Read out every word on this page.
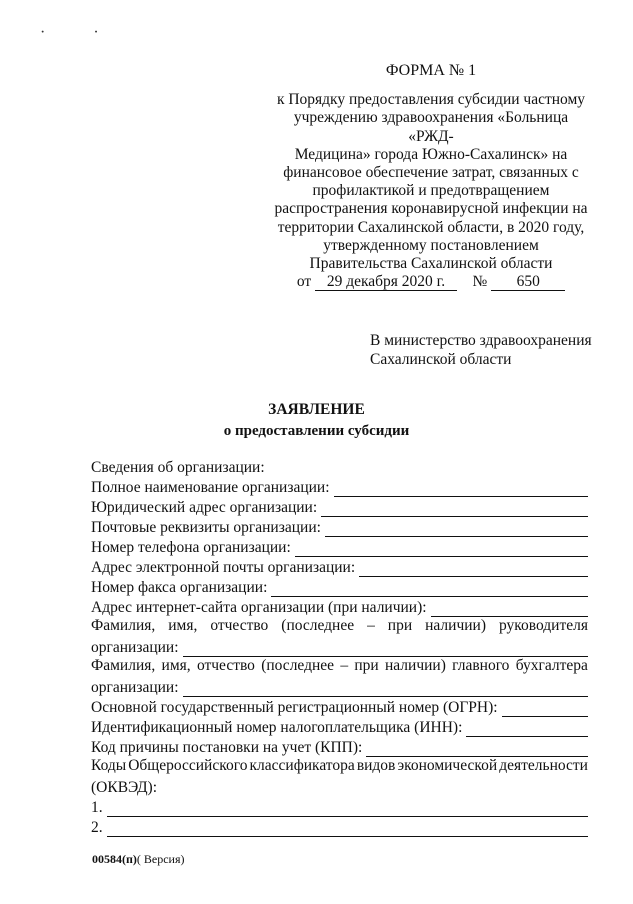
· ·
ФОРМА № 1
к Порядку предоставления субсидии частному
учреждению здравоохранения «Больница «РЖД-
Медицина» города Южно-Сахалинск» на
финансовое обеспечение затрат, связанных с
профилактикой и предотвращением
распространения коронавирусной инфекции на
территории Сахалинской области, в 2020 году,
утвержденному постановлением
Правительства Сахалинской области
от 29 декабря 2020 г. № 650
В министерство здравоохранения
Сахалинской области
ЗАЯВЛЕНИЕ
о предоставлении субсидии
Сведения об организации:
Полное наименование организации:
Юридический адрес организации:
Почтовые реквизиты организации:
Номер телефона организации:
Адрес электронной почты организации:
Номер факса организации:
Адрес интернет-сайта организации (при наличии):
Фамилия, имя, отчество (последнее – при наличии) руководителя
организации:
Фамилия, имя, отчество (последнее – при наличии) главного бухгалтера
организации:
Основной государственный регистрационный номер (ОГРН):
Идентификационный номер налогоплательщика (ИНН):
Код причины постановки на учет (КПП):
Коды Общероссийского классификатора видов экономической деятельности
(ОКВЭД):
1.
2.
00584(п)( Версия)
